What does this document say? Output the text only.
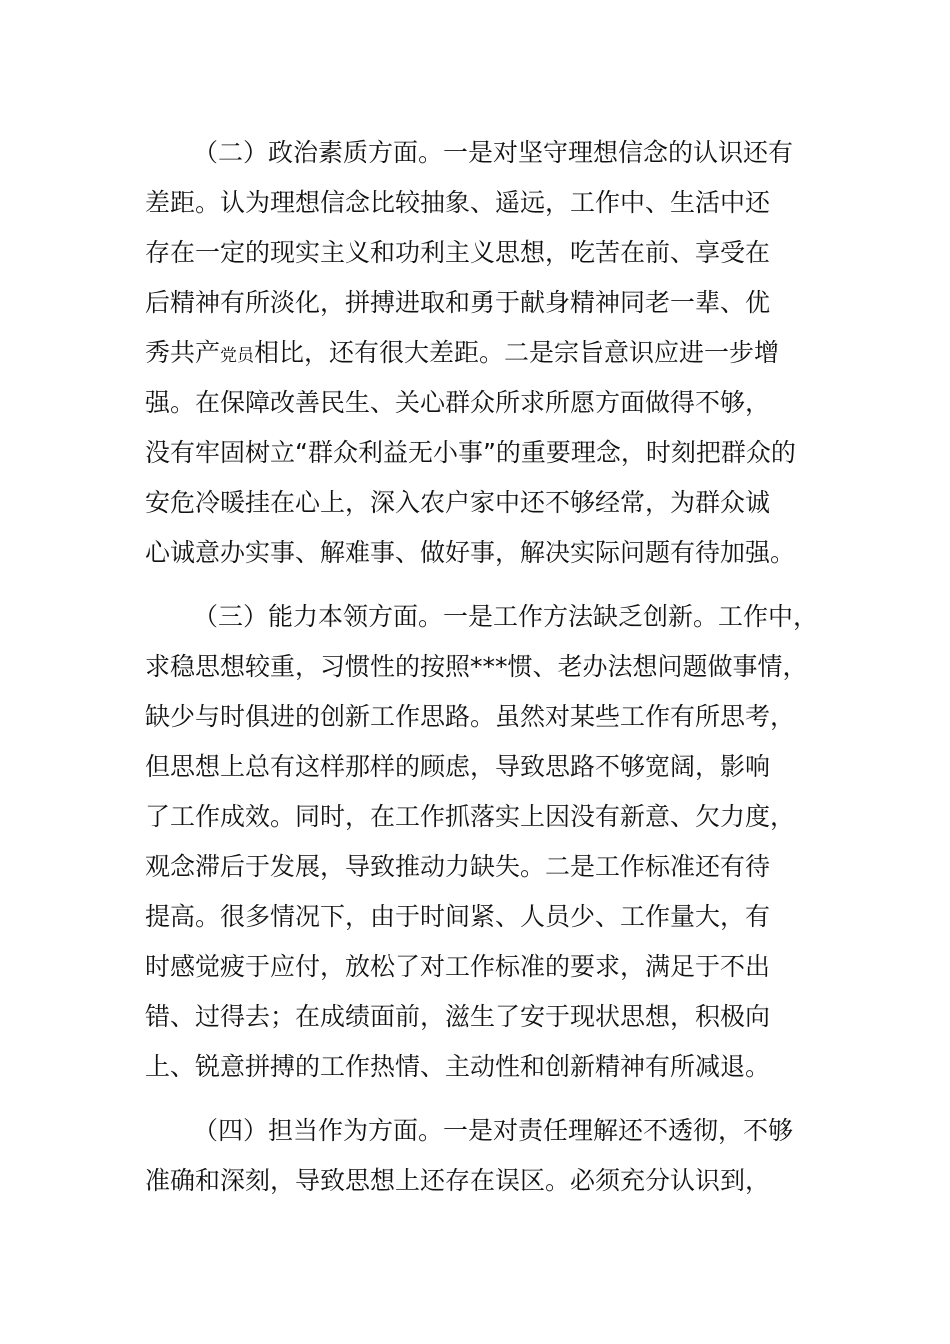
（二）政治素质方面。一是对坚守理想信念的认识还有
差距。认为理想信念比较抽象、遥远，工作中、生活中还
存在一定的现实主义和功利主义思想，吃苦在前、享受在
后精神有所淡化，拼搏进取和勇于献身精神同老一辈、优
秀共产党员相比，还有很大差距。二是宗旨意识应进一步增
强。在保障改善民生、关心群众所求所愿方面做得不够，
没有牢固树立“群众利益无小事”的重要理念，时刻把群众的
安危冷暖挂在心上，深入农户家中还不够经常，为群众诚
心诚意办实事、解难事、做好事，解决实际问题有待加强。
（三）能力本领方面。一是工作方法缺乏创新。工作中，
求稳思想较重，习惯性的按照***惯、老办法想问题做事情，
缺少与时俱进的创新工作思路。虽然对某些工作有所思考，
但思想上总有这样那样的顾虑，导致思路不够宽阔，影响
了工作成效。同时，在工作抓落实上因没有新意、欠力度，
观念滞后于发展，导致推动力缺失。二是工作标准还有待
提高。很多情况下，由于时间紧、人员少、工作量大，有
时感觉疲于应付，放松了对工作标准的要求，满足于不出
错、过得去；在成绩面前，滋生了安于现状思想，积极向
上、锐意拼搏的工作热情、主动性和创新精神有所减退。
（四）担当作为方面。一是对责任理解还不透彻，不够
准确和深刻，导致思想上还存在误区。必须充分认识到，
